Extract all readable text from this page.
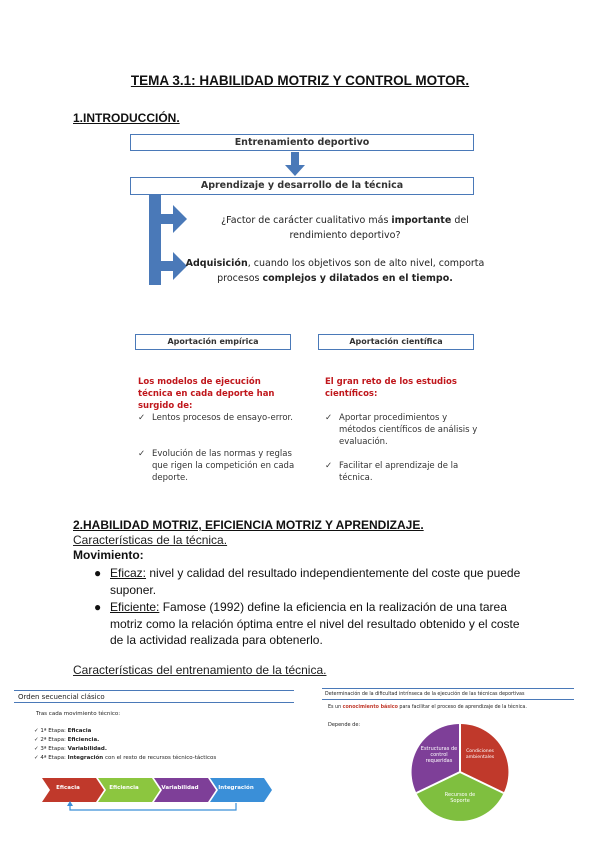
TEMA 3.1: HABILIDAD MOTRIZ Y CONTROL MOTOR.
1.INTRODUCCIÓN.
Entrenamiento deportivo
Aprendizaje y desarrollo de la técnica
¿Factor de carácter cualitativo más importante del
rendimiento deportivo?
Adquisición, cuando los objetivos son de alto nivel, comporta
procesos complejos y dilatados en el tiempo.
Aportación empírica	Aportación científica
Los modelos de ejecución técnica en cada deporte han surgido de:
✓ Lentos procesos de ensayo-error.
✓ Evolución de las normas y reglas que rigen la competición en cada deporte.
El gran reto de los estudios científicos:
✓ Aportar procedimientos y métodos científicos de análisis y evaluación.
✓ Facilitar el aprendizaje de la técnica.
2.HABILIDAD MOTRIZ, EFICIENCIA MOTRIZ Y APRENDIZAJE.
Características de la técnica.
Movimiento:
● Eficaz: nivel y calidad del resultado independientemente del coste que puede suponer.
● Eficiente: Famose (1992) define la eficiencia en la realización de una tarea motriz como la relación óptima entre el nivel del resultado obtenido y el coste de la actividad realizada para obtenerlo.
Características del entrenamiento de la técnica.
Orden secuencial clásico
Tras cada movimiento técnico:
✓ 1ª Etapa: Eficacia
✓ 2ª Etapa: Eficiencia.
✓ 3ª Etapa: Variabilidad.
✓ 4ª Etapa: Integración con el resto de recursos técnico-tácticos
Eficacia	Eficiencia	Variabilidad	Integración
Determinación de la dificultad intrínseca de la ejecución de las técnicas deportivas
Es un conocimiento básico para facilitar el proceso de aprendizaje de la técnica.
Depende de:
Estructuras de control requeridas
Condiciones ambientales
Recursos de Soporte
